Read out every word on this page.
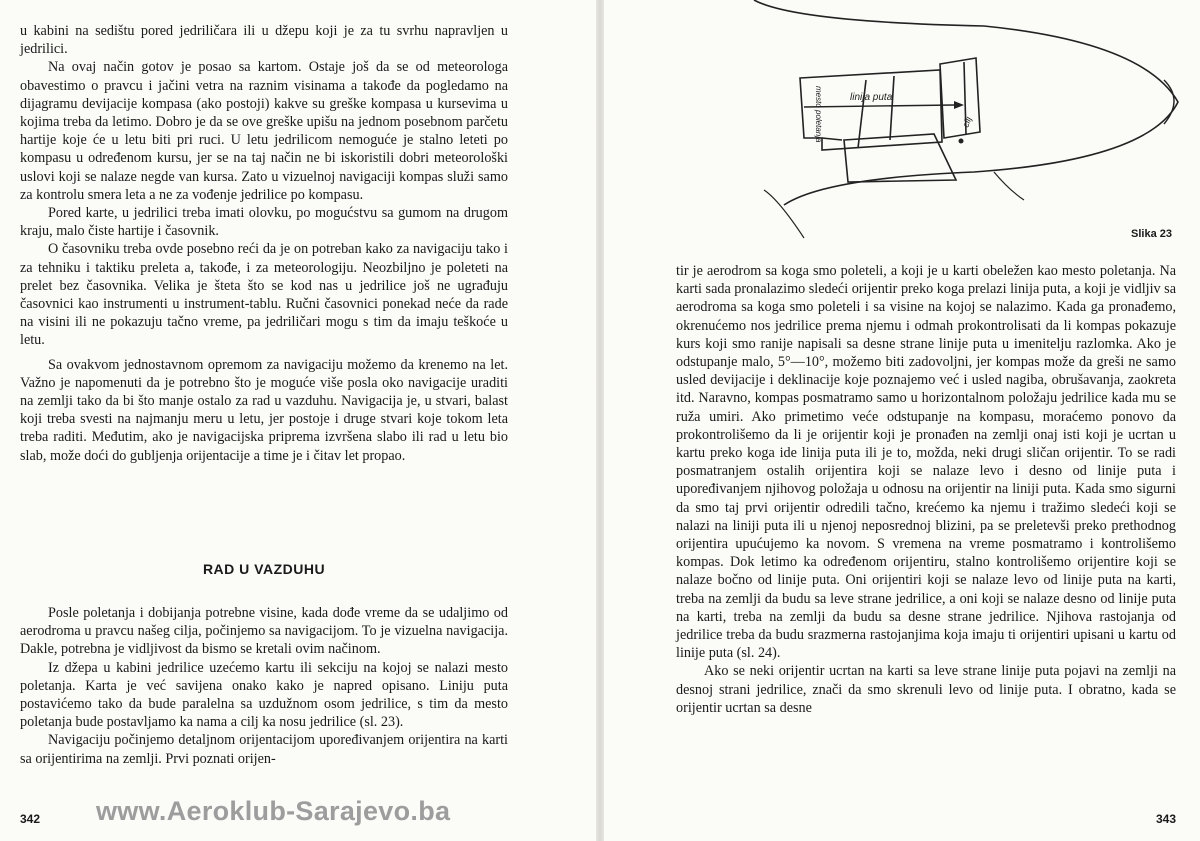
u kabini na sedištu pored jedriličara ili u džepu koji je za tu svrhu napravljen u jedrilici.

Na ovaj način gotov je posao sa kartom. Ostaje još da se od meteorologa obavestimo o pravcu i jačini vetra na raznim visinama a takođe da pogledamo na dijagramu devijacije kompasa (ako postoji) kakve su greške kompasa u kursevima u kojima treba da letimo. Dobro je da se ove greške upišu na jednom posebnom parčetu hartije koje će u letu biti pri ruci. U letu jedrilicom nemoguće je stalno leteti po kompasu u određenom kursu, jer se na taj način ne bi iskoristili dobri meteorološki uslovi koji se nalaze negde van kursa. Zato u vizuelnoj navigaciji kompas služi samo za kontrolu smera leta a ne za vođenje jedrilice po kompasu.

Pored karte, u jedrilici treba imati olovku, po mogućstvu sa gumom na drugom kraju, malo čiste hartije i časovnik.

O časovniku treba ovde posebno reći da je on potreban kako za navigaciju tako i za tehniku i taktiku preleta a, takođe, i za meteorologiju. Neozbiljno je poleteti na prelet bez časovnika. Velika je šteta što se kod nas u jedrilice još ne ugrađuju časovnici kao instrumenti u instrument-tablu. Ručni časovnici ponekad neće da rade na visini ili ne pokazuju tačno vreme, pa jedriličari mogu s tim da imaju teškoće u letu.

Sa ovakvom jednostavnom opremom za navigaciju možemo da krenemo na let. Važno je napomenuti da je potrebno što je moguće više posla oko navigacije uraditi na zemlji tako da bi što manje ostalo za rad u vazduhu. Navigacija je, u stvari, balast koji treba svesti na najmanju meru u letu, jer postoje i druge stvari koje tokom leta treba raditi. Međutim, ako je navigacijska priprema izvršena slabo ili rad u letu bio slab, može doći do gubljenja orijentacije a time je i čitav let propao.

RAD U VAZDUHU

Posle poletanja i dobijanja potrebne visine, kada dođe vreme da se udaljimo od aerodroma u pravcu našeg cilja, počinjemo sa navigacijom. To je vizuelna navigacija. Dakle, potrebna je vidljivost da bismo se kretali ovim načinom.

Iz džepa u kabini jedrilice uzećemo kartu ili sekciju na kojoj se nalazi mesto poletanja. Karta je već savijena onako kako je napred opisano. Liniju puta postavićemo tako da bude paralelna sa uzdužnom osom jedrilice, s tim da mesto poletanja bude postavljamo ka nama a cilj ka nosu jedrilice (sl. 23).

Navigaciju počinjemo detaljnom orijentacijom upoređivanjem orijentira na karti sa orijentirima na zemlji. Prvi poznati orijen-

www.Aeroklub-Sarajevo.ba
342
linija puta
mesto poletanja	cilj
Slika 23

tir je aerodrom sa koga smo poleteli, a koji je u karti obeležen kao mesto poletanja. Na karti sada pronalazimo sledeći orijentir preko koga prelazi linija puta, a koji je vidljiv sa aerodroma sa koga smo poleteli i sa visine na kojoj se nalazimo. Kada ga pronađemo, okrenućemo nos jedrilice prema njemu i odmah prokontrolisati da li kompas pokazuje kurs koji smo ranije napisali sa desne strane linije puta u imenitelju razlomka. Ako je odstupanje malo, 5°—10°, možemo biti zadovoljni, jer kompas može da greši ne samo usled devijacije i deklinacije koje poznajemo već i usled nagiba, obrušavanja, zaokreta itd. Naravno, kompas posmatramo samo u horizontalnom položaju jedrilice kada mu se ruža umiri. Ako primetimo veće odstupanje na kompasu, moraćemo ponovo da prokontrolišemo da li je orijentir koji je pronađen na zemlji onaj isti koji je ucrtan u kartu preko koga ide linija puta ili je to, možda, neki drugi sličan orijentir. To se radi posmatranjem ostalih orijentira koji se nalaze levo i desno od linije puta i upoređivanjem njihovog položaja u odnosu na orijentir na liniji puta. Kada smo sigurni da smo taj prvi orijentir odredili tačno, krećemo ka njemu i tražimo sledeći koji se nalazi na liniji puta ili u njenoj neposrednoj blizini, pa se preletevši preko prethodnog orijentira upućujemo ka novom. S vremena na vreme posmatramo i kontrolišemo kompas. Dok letimo ka određenom orijentiru, stalno kontrolišemo orijentire koji se nalaze bočno od linije puta. Oni orijentiri koji se nalaze levo od linije puta na karti, treba na zemlji da budu sa leve strane jedrilice, a oni koji se nalaze desno od linije puta na karti, treba na zemlji da budu sa desne strane jedrilice. Njihova rastojanja od jedrilice treba da budu srazmerna rastojanjima koja imaju ti orijentiri upisani u kartu od linije puta (sl. 24).

Ako se neki orijentir ucrtan na karti sa leve strane linije puta pojavi na zemlji na desnoj strani jedrilice, znači da smo skrenuli levo od linije puta. I obratno, kada se orijentir ucrtan sa desne

343
